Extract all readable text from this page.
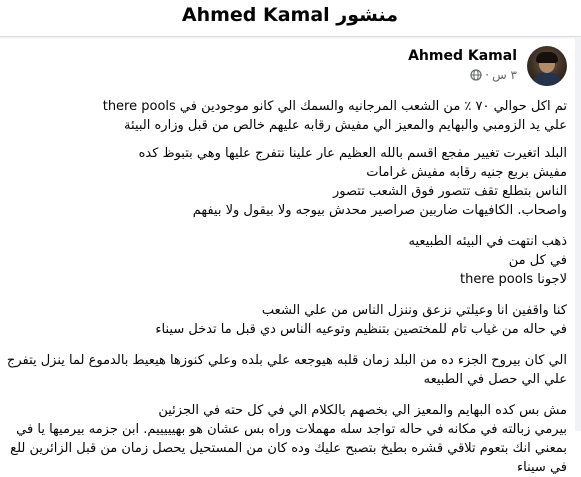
منشور Ahmed Kamal
Ahmed Kamal
٣ س
·
تم اكل حوالي ٧٠ ٪ من الشعب المرجانيه والسمك الي كانو موجودين في there pools
علي يد الزومبي والبهايم والمعيز الي مفيش رقابه عليهم خالص من قبل وزاره البيئة
البلد اتغيرت تغيير مفجع اقسم بالله العظيم عار علينا نتفرج عليها وهي بتبوظ كده
مفيش بربع جنيه رقابه مفيش غرامات
الناس بتطلع تقف تتصور فوق الشعب تتصور
واصحاب. الكافيهات ضاربين صراصير محدش بيوجه ولا بيقول ولا بيفهم
ذهب انتهت في البيئه الطبيعيه
في كل من
لاجونا there pools
كنا واقفين انا وعيلتي نزعق وننزل الناس من علي الشعب
في حاله من غياب تام للمختصين بتنظيم وتوعيه الناس دي قبل ما تدخل سيناء
الي كان بيروح الجزء ده من البلد زمان قلبه هيوجعه علي بلده وعلي كنوزها هيعيط بالدموع لما ينزل يتفرج
علي الي حصل في الطبيعه
مش بس كده البهايم والمعيز الي بخصهم بالكلام الي في كل حته في الجزئين
بيرمي زبالته في مكانه في حاله تواجد سله مهملات وراه بس عشان هو بهيييييم. ابن جزمه بيرميها يا في
بمعني انك بتعوم تلاقي قشره بطيخ بتصبح عليك وده كان من المستحيل يحصل زمان من قبل الزائرين للع
في سيناء
